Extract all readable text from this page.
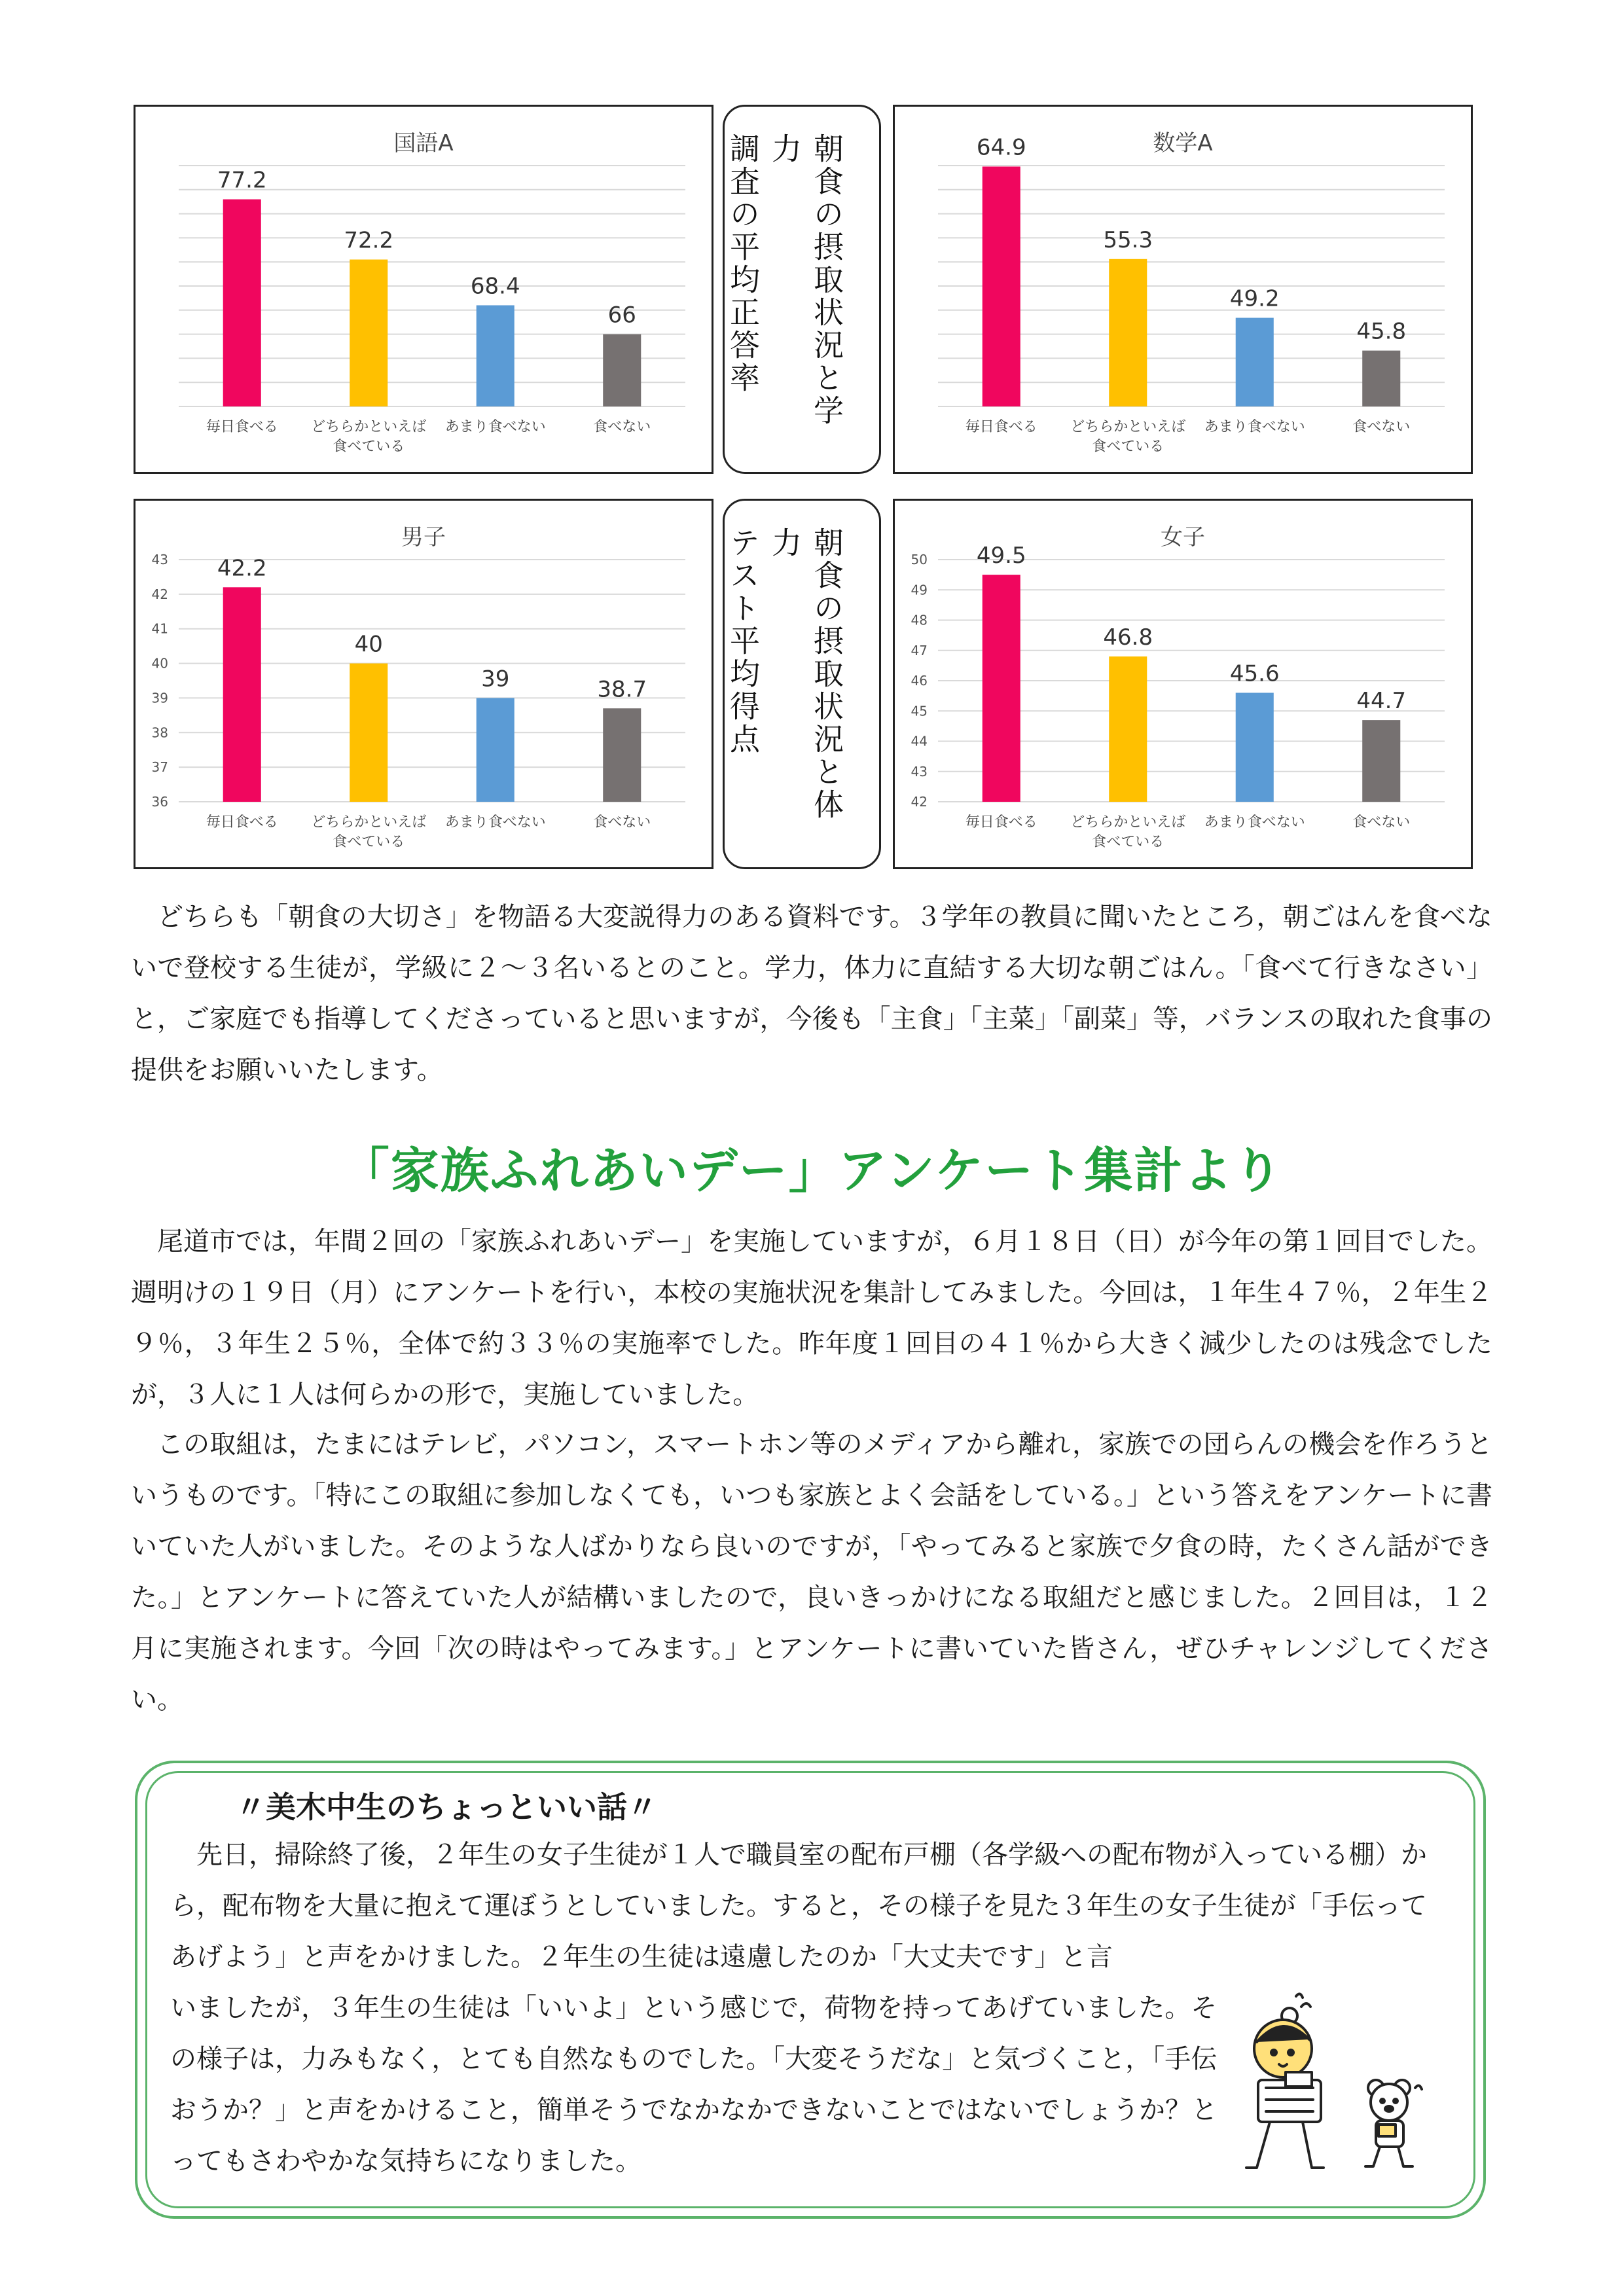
国語A
77.2
毎日食べる
72.2
どちらかといえば
食べている
68.4
あまり食べない
66
食べない	朝食の摂取状況と学力
調査の平均正答率	数学A
64.9
毎日食べる
55.3
どちらかといえば
食べている
49.2
あまり食べない
45.8
食べない
男子
36
37
38
39
40
41
42
43 42.2
毎日食べる
40
どちらかといえば
食べている
39
あまり食べない
38.7
食べない
朝食の摂取状況と体力
テスト平均得点	女子
42
43
44
45
46
47
48
49
50 49.5
毎日食べる
46.8
どちらかといえば
食べている
45.6
あまり食べない
44.7
食べない

どちらも「朝食の大切さ」を物語る大変説得力のある資料です。３学年の教員に聞いたところ，朝ごはんを食べないで登校する生徒が，学級に２～３名いるとのこと。学力，体力に直結する大切な朝ごはん。「食べて行きなさい」と，ご家庭でも指導してくださっていると思いますが，今後も「主食」「主菜」「副菜」等，バランスの取れた食事の提供をお願いいたします。

「家族ふれあいデー」アンケート集計より

尾道市では，年間２回の「家族ふれあいデー」を実施していますが，６月１８日（日）が今年の第１回目でした。週明けの１９日（月）にアンケートを行い，本校の実施状況を集計してみました。今回は，１年生４７％，２年生２９％，３年生２５％，全体で約３３％の実施率でした。昨年度１回目の４１％から大きく減少したのは残念でしたが，３人に１人は何らかの形で，実施していました。

この取組は，たまにはテレビ，パソコン，スマートホン等のメディアから離れ，家族での団らんの機会を作ろうというものです。「特にこの取組に参加しなくても，いつも家族とよく会話をしている。」という答えをアンケートに書いていた人がいました。そのような人ばかりなら良いのですが，「やってみると家族で夕食の時，たくさん話ができた。」とアンケートに答えていた人が結構いましたので，良いきっかけになる取組だと感じました。２回目は，１２月に実施されます。今回「次の時はやってみます。」とアンケートに書いていた皆さん，ぜひチャレンジしてください。

〃美木中生のちょっといい話〃

先日，掃除終了後，２年生の女子生徒が１人で職員室の配布戸棚（各学級への配布物が入っている棚）から，配布物を大量に抱えて運ぼうとしていました。すると，その様子を見た３年生の女子生徒が「手伝ってあげよう」と声をかけました。２年生の生徒は遠慮したのか「大丈夫です」と言

いましたが，３年生の生徒は「いいよ」という感じで，荷物を持ってあげていました。その様子は，力みもなく，とても自然なものでした。「大変そうだな」と気づくこと，「手伝おうか？」と声をかけること，簡単そうでなかなかできないことではないでしょうか？とってもさわやかな気持ちになりました。
